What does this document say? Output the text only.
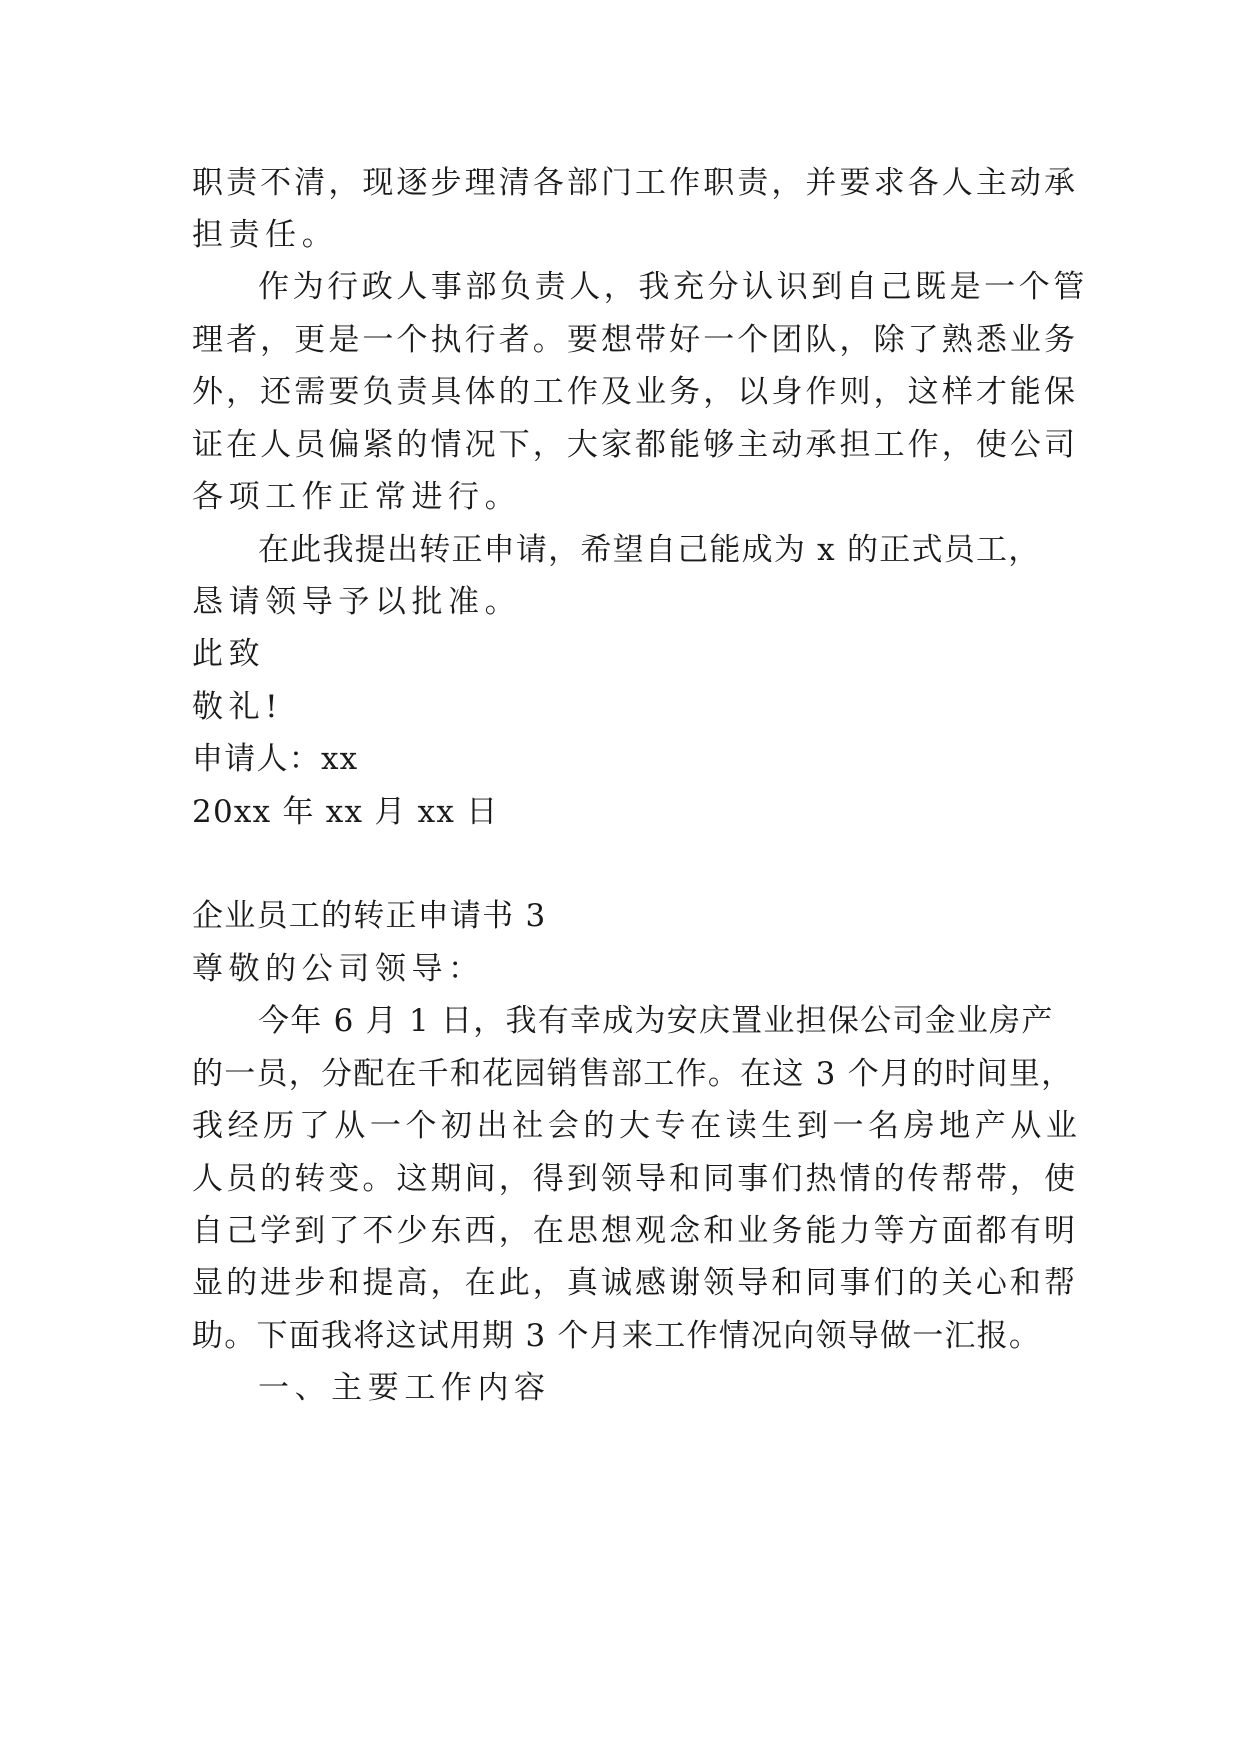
职责不清，现逐步理清各部门工作职责，并要求各人主动承
担责任。
作为行政人事部负责人，我充分认识到自己既是一个管
理者，更是一个执行者。要想带好一个团队，除了熟悉业务
外，还需要负责具体的工作及业务，以身作则，这样才能保
证在人员偏紧的情况下，大家都能够主动承担工作，使公司
各项工作正常进行。
在此我提出转正申请，希望自己能成为 x 的正式员工，
恳请领导予以批准。
此致
敬礼!
申请人：xx
20xx 年 xx 月 xx 日
企业员工的转正申请书 3
尊敬的公司领导：
今年 6 月 1 日，我有幸成为安庆置业担保公司金业房产
的一员，分配在千和花园销售部工作。在这 3 个月的时间里，
我经历了从一个初出社会的大专在读生到一名房地产从业
人员的转变。这期间，得到领导和同事们热情的传帮带，使
自己学到了不少东西，在思想观念和业务能力等方面都有明
显的进步和提高，在此，真诚感谢领导和同事们的关心和帮
助。下面我将这试用期 3 个月来工作情况向领导做一汇报。
一、主要工作内容
